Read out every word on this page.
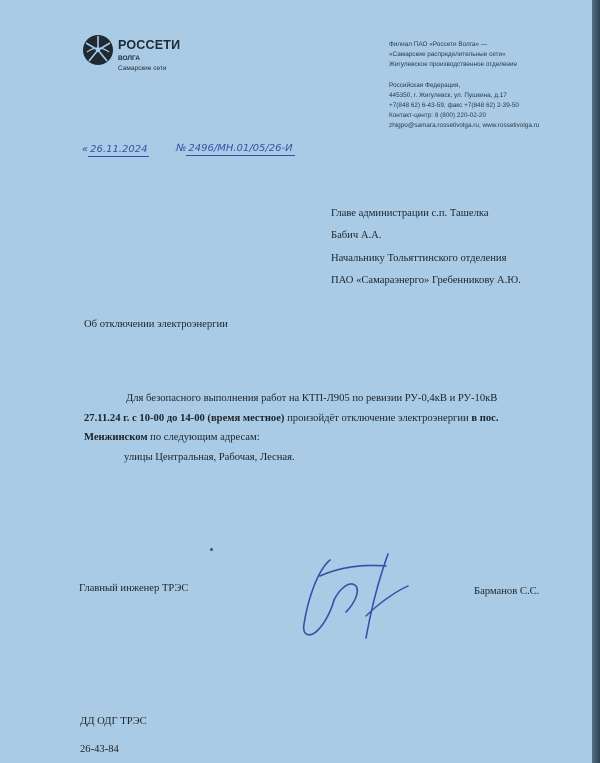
РОССЕТИ
ВОЛГА
Самарские сети
Филиал ПАО «Россети Волга» —
«Самарские распределительные сети»
Жигулевское производственное отделение
Российская Федерация,
445350, г. Жигулевск, ул. Пушкина, д.17
+7(848 62) 6-43-59, факс +7(848 62) 2-39-50
Контакт-центр: 8 (800) 220-02-20
zhigpo@samara.rossetivolga.ru, www.rossetivolga.ru
« 26.11.2024	№ 2496/МН.01/05/26-И
Главе администрации с.п. Ташелка
Бабич А.А.
Начальнику Тольяттинского отделения
ПАО «Самараэнерго» Гребенникову А.Ю.
Об отключении электроэнергии
Для безопасного выполнения работ на КТП-Л905 по ревизии РУ-0,4кВ и РУ-10кВ
27.11.24 г. с 10-00 до 14-00 (время местное) произойдёт отключение электроэнергии в пос.
Менжинском по следующим адресам:
улицы Центральная, Рабочая, Лесная.
Главный инженер ТРЭС	Барманов С.С.
ДД ОДГ ТРЭС
26-43-84
